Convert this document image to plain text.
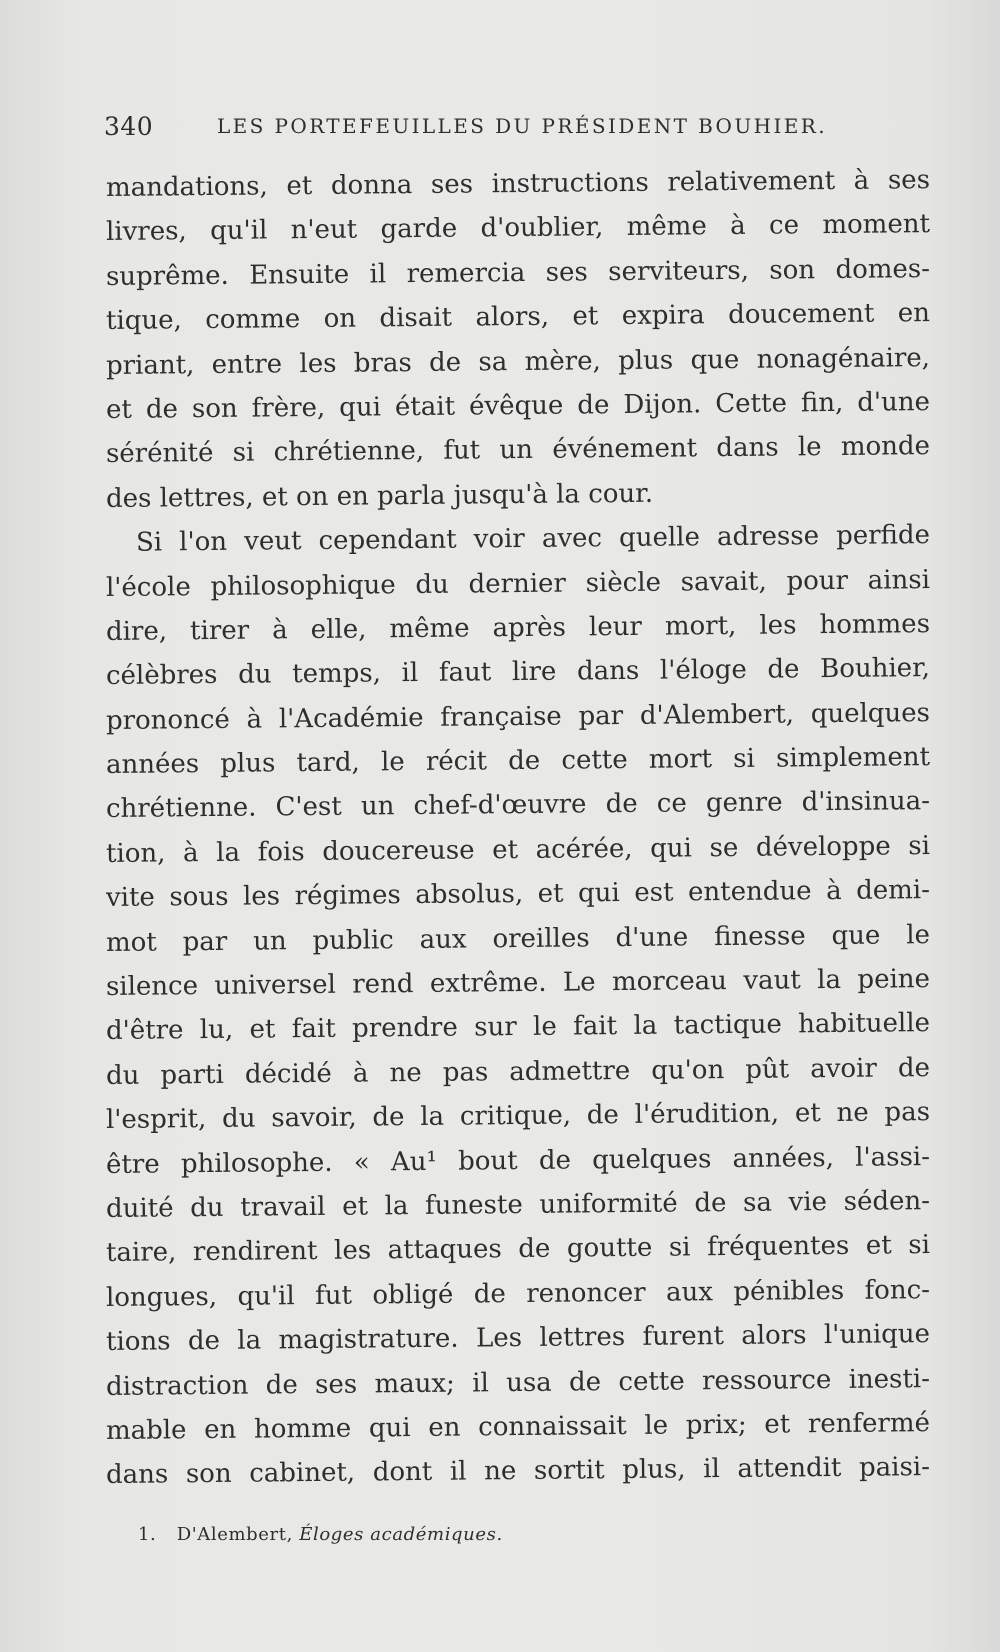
340	LES PORTEFEUILLES DU PRÉSIDENT BOUHIER.
mandations, et donna ses instructions relativement à ses
livres, qu'il n'eut garde d'oublier, même à ce moment
suprême. Ensuite il remercia ses serviteurs, son domes-
tique, comme on disait alors, et expira doucement en
priant, entre les bras de sa mère, plus que nonagénaire,
et de son frère, qui était évêque de Dijon. Cette fin, d'une
sérénité si chrétienne, fut un événement dans le monde
des lettres, et on en parla jusqu'à la cour.
Si l'on veut cependant voir avec quelle adresse perfide
l'école philosophique du dernier siècle savait, pour ainsi
dire, tirer à elle, même après leur mort, les hommes
célèbres du temps, il faut lire dans l'éloge de Bouhier,
prononcé à l'Académie française par d'Alembert, quelques
années plus tard, le récit de cette mort si simplement
chrétienne. C'est un chef-d'œuvre de ce genre d'insinua-
tion, à la fois doucereuse et acérée, qui se développe si
vite sous les régimes absolus, et qui est entendue à demi-
mot par un public aux oreilles d'une finesse que le
silence universel rend extrême. Le morceau vaut la peine
d'être lu, et fait prendre sur le fait la tactique habituelle
du parti décidé à ne pas admettre qu'on pût avoir de
l'esprit, du savoir, de la critique, de l'érudition, et ne pas
être philosophe. « Au¹ bout de quelques années, l'assi-
duité du travail et la funeste uniformité de sa vie séden-
taire, rendirent les attaques de goutte si fréquentes et si
longues, qu'il fut obligé de renoncer aux pénibles fonc-
tions de la magistrature. Les lettres furent alors l'unique
distraction de ses maux; il usa de cette ressource inesti-
mable en homme qui en connaissait le prix; et renfermé
dans son cabinet, dont il ne sortit plus, il attendit paisi-
1. D'Alembert, Éloges académiques.
